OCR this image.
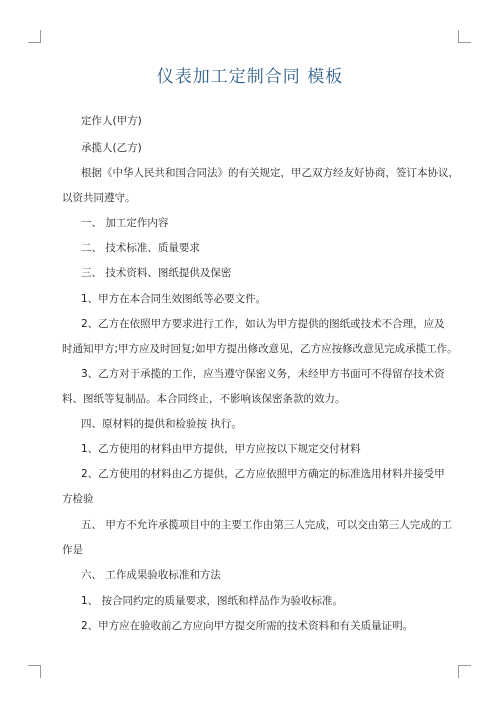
仪表加工定制合同 模板
定作人(甲方)
承揽人(乙方)
根据《中华人民共和国合同法》的有关规定，甲乙双方经友好协商，签订本协议，
以资共同遵守。
一、 加工定作内容
二、 技术标准、质量要求
三、 技术资料、图纸提供及保密
1、甲方在本合同生效图纸等必要文件。
2、乙方在依照甲方要求进行工作，如认为甲方提供的图纸或技术不合理，应及
时通知甲方;甲方应及时回复;如甲方提出修改意见，乙方应按修改意见完成承揽工作。
3、乙方对于承揽的工作，应当遵守保密义务，未经甲方书面可不得留存技术资
料、图纸等复制品。本合同终止，不影响该保密条款的效力。
四、原材料的提供和检验按 执行。
1、乙方使用的材料由甲方提供，甲方应按以下规定交付材料
2、乙方使用的材料由乙方提供，乙方应依照甲方确定的标准选用材料并接受甲
方检验
五、 甲方不允许承揽项目中的主要工作由第三人完成，可以交由第三人完成的工
作是
六、 工作成果验收标准和方法
1、 按合同约定的质量要求，图纸和样品作为验收标准。
2、甲方应在验收前乙方应向甲方提交所需的技术资料和有关质量证明。
